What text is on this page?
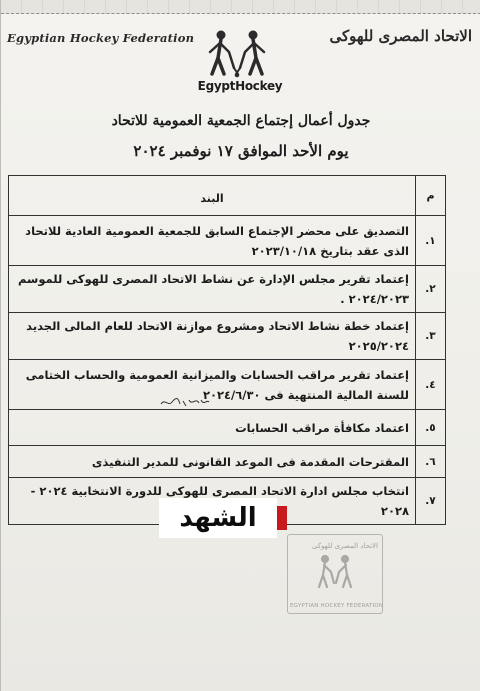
Egyptian Hockey Federation
EgyptHockey
الاتحاد المصرى للهوكى
جدول أعمال إجتماع الجمعية العمومية للاتحاد
يوم الأحد الموافق ١٧ نوفمبر ٢٠٢٤
م	البند
١.	التصديق على محضر الإجتماع السابق للجمعية العمومية العادية للاتحاد الذى عقد بتاريخ ٢٠٢٣/١٠/١٨
٢.	إعتماد تقرير مجلس الإدارة عن نشاط الاتحاد المصرى للهوكى للموسم ٢٠٢٤/٢٠٢٣ .
٣.	إعتماد خطة نشاط الاتحاد ومشروع موازنة الاتحاد للعام المالى الجديد ٢٠٢٥/٢٠٢٤
٤.	إعتماد تقرير مراقب الحسابات والميزانية العمومية والحساب الختامى للسنة المالية المنتهية فى ٢٠٢٤/٦/٣٠
٥.	اعتماد مكافأة مراقب الحسابات
٦.	المقترحات المقدمة فى الموعد القانونى للمدير التنفيذى
٧.	انتخاب مجلس ادارة الاتحاد المصرى للهوكى للدورة الانتخابية ٢٠٢٤ - ٢٠٢٨
الشهد
الاتحاد المصرى للهوكى
EGYPTIAN HOCKEY FEDERATION
